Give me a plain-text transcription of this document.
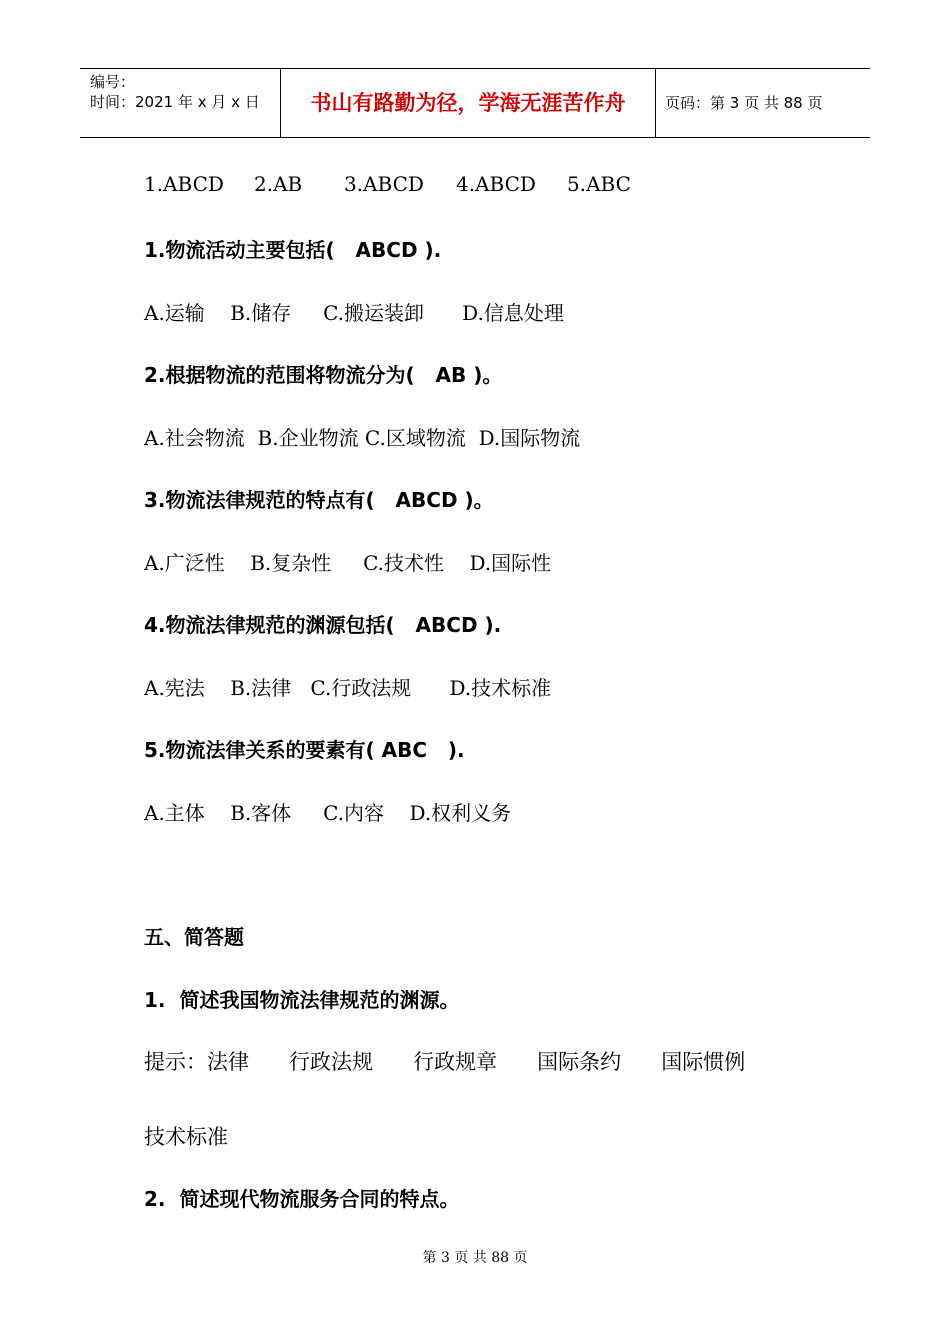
编号：
时间：2021 年 x 月 x 日	书山有路勤为径，学海无涯苦作舟	页码：第 3 页 共 88 页

1.ABCD

2.AB

3.ABCD

4.ABCD

5.ABC

1.物流活动主要包括(   ABCD ).
A.运输    B.储存     C.搬运装卸      D.信息处理
2.根据物流的范围将物流分为(   AB )。
A.社会物流  B.企业物流 C.区域物流  D.国际物流
3.物流法律规范的特点有(   ABCD )。
A.广泛性    B.复杂性     C.技术性    D.国际性
4.物流法律规范的渊源包括(   ABCD ).
A.宪法    B.法律   C.行政法规      D.技术标准
5.物流法律关系的要素有( ABC   ).
A.主体    B.客体     C.内容    D.权利义务
五、简答题
1.  简述我国物流法律规范的渊源。
提示：法律      行政法规      行政规章      国际条约      国际惯例
技术标准
2.  简述现代物流服务合同的特点。
第 3 页 共 88 页
